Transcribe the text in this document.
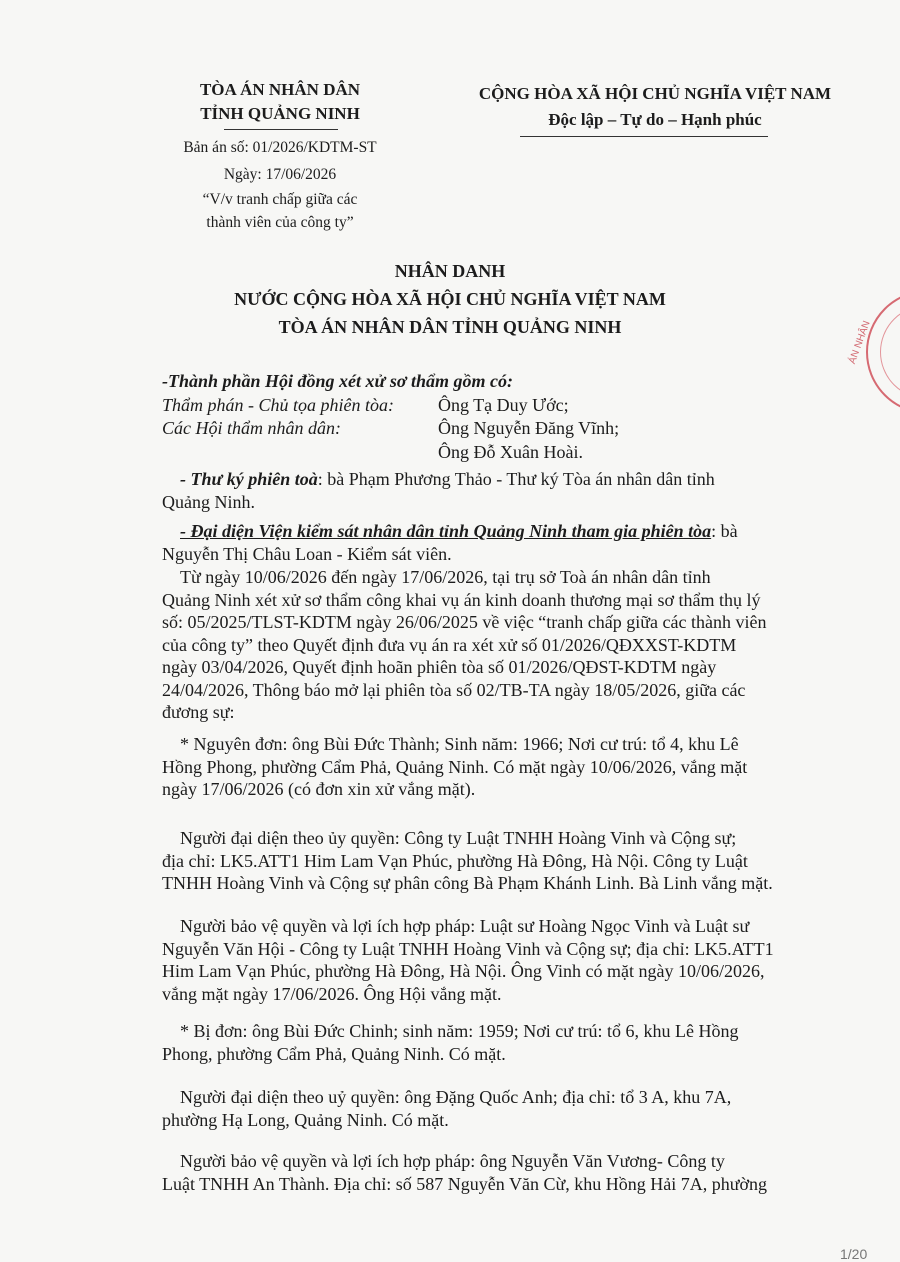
TÒA ÁN NHÂN DÂN
TỈNH QUẢNG NINH
Bản án số: 01/2026/KDTM-ST
Ngày: 17/06/2026
“V/v tranh chấp giữa các
thành viên của công ty”
CỘNG HÒA XÃ HỘI CHỦ NGHĨA VIỆT NAM
Độc lập – Tự do – Hạnh phúc
NHÂN DANH
NƯỚC CỘNG HÒA XÃ HỘI CHỦ NGHĨA VIỆT NAM
TÒA ÁN NHÂN DÂN TỈNH QUẢNG NINH
-Thành phần Hội đồng xét xử sơ thẩm gồm có:
Thẩm phán - Chủ tọa phiên tòa: Ông Tạ Duy Ước;
Các Hội thẩm nhân dân:	Ông Nguyễn Đăng Vĩnh;
Ông Đỗ Xuân Hoài.
- Thư ký phiên toà: bà Phạm Phương Thảo - Thư ký Tòa án nhân dân tỉnh
Quảng Ninh.
- Đại diện Viện kiểm sát nhân dân tỉnh Quảng Ninh tham gia phiên tòa: bà
Nguyễn Thị Châu Loan - Kiểm sát viên.
Từ ngày 10/06/2026 đến ngày 17/06/2026, tại trụ sở Toà án nhân dân tỉnh
Quảng Ninh xét xử sơ thẩm công khai vụ án kinh doanh thương mại sơ thẩm thụ lý
số: 05/2025/TLST-KDTM ngày 26/06/2025 về việc “tranh chấp giữa các thành viên
của công ty” theo Quyết định đưa vụ án ra xét xử số 01/2026/QĐXXST-KDTM
ngày 03/04/2026, Quyết định hoãn phiên tòa số 01/2026/QĐST-KDTM ngày
24/04/2026, Thông báo mở lại phiên tòa số 02/TB-TA ngày 18/05/2026, giữa các
đương sự:
* Nguyên đơn: ông Bùi Đức Thành; Sinh năm: 1966; Nơi cư trú: tổ 4, khu Lê
Hồng Phong, phường Cẩm Phả, Quảng Ninh. Có mặt ngày 10/06/2026, vắng mặt
ngày 17/06/2026 (có đơn xin xử vắng mặt).
Người đại diện theo ủy quyền: Công ty Luật TNHH Hoàng Vinh và Cộng sự;
địa chỉ: LK5.ATT1 Him Lam Vạn Phúc, phường Hà Đông, Hà Nội. Công ty Luật
TNHH Hoàng Vinh và Cộng sự phân công Bà Phạm Khánh Linh. Bà Linh vắng mặt.
Người bảo vệ quyền và lợi ích hợp pháp: Luật sư Hoàng Ngọc Vinh và Luật sư
Nguyễn Văn Hội - Công ty Luật TNHH Hoàng Vinh và Cộng sự; địa chỉ: LK5.ATT1
Him Lam Vạn Phúc, phường Hà Đông, Hà Nội. Ông Vinh có mặt ngày 10/06/2026,
vắng mặt ngày 17/06/2026. Ông Hội vắng mặt.
* Bị đơn: ông Bùi Đức Chinh; sinh năm: 1959; Nơi cư trú: tổ 6, khu Lê Hồng
Phong, phường Cẩm Phả, Quảng Ninh. Có mặt.
Người đại diện theo uỷ quyền: ông Đặng Quốc Anh; địa chỉ: tổ 3 A, khu 7A,
phường Hạ Long, Quảng Ninh. Có mặt.
Người bảo vệ quyền và lợi ích hợp pháp: ông Nguyễn Văn Vương- Công ty
Luật TNHH An Thành. Địa chỉ: số 587 Nguyễn Văn Cừ, khu Hồng Hải 7A, phường
ÁN NHÂN
1/20
